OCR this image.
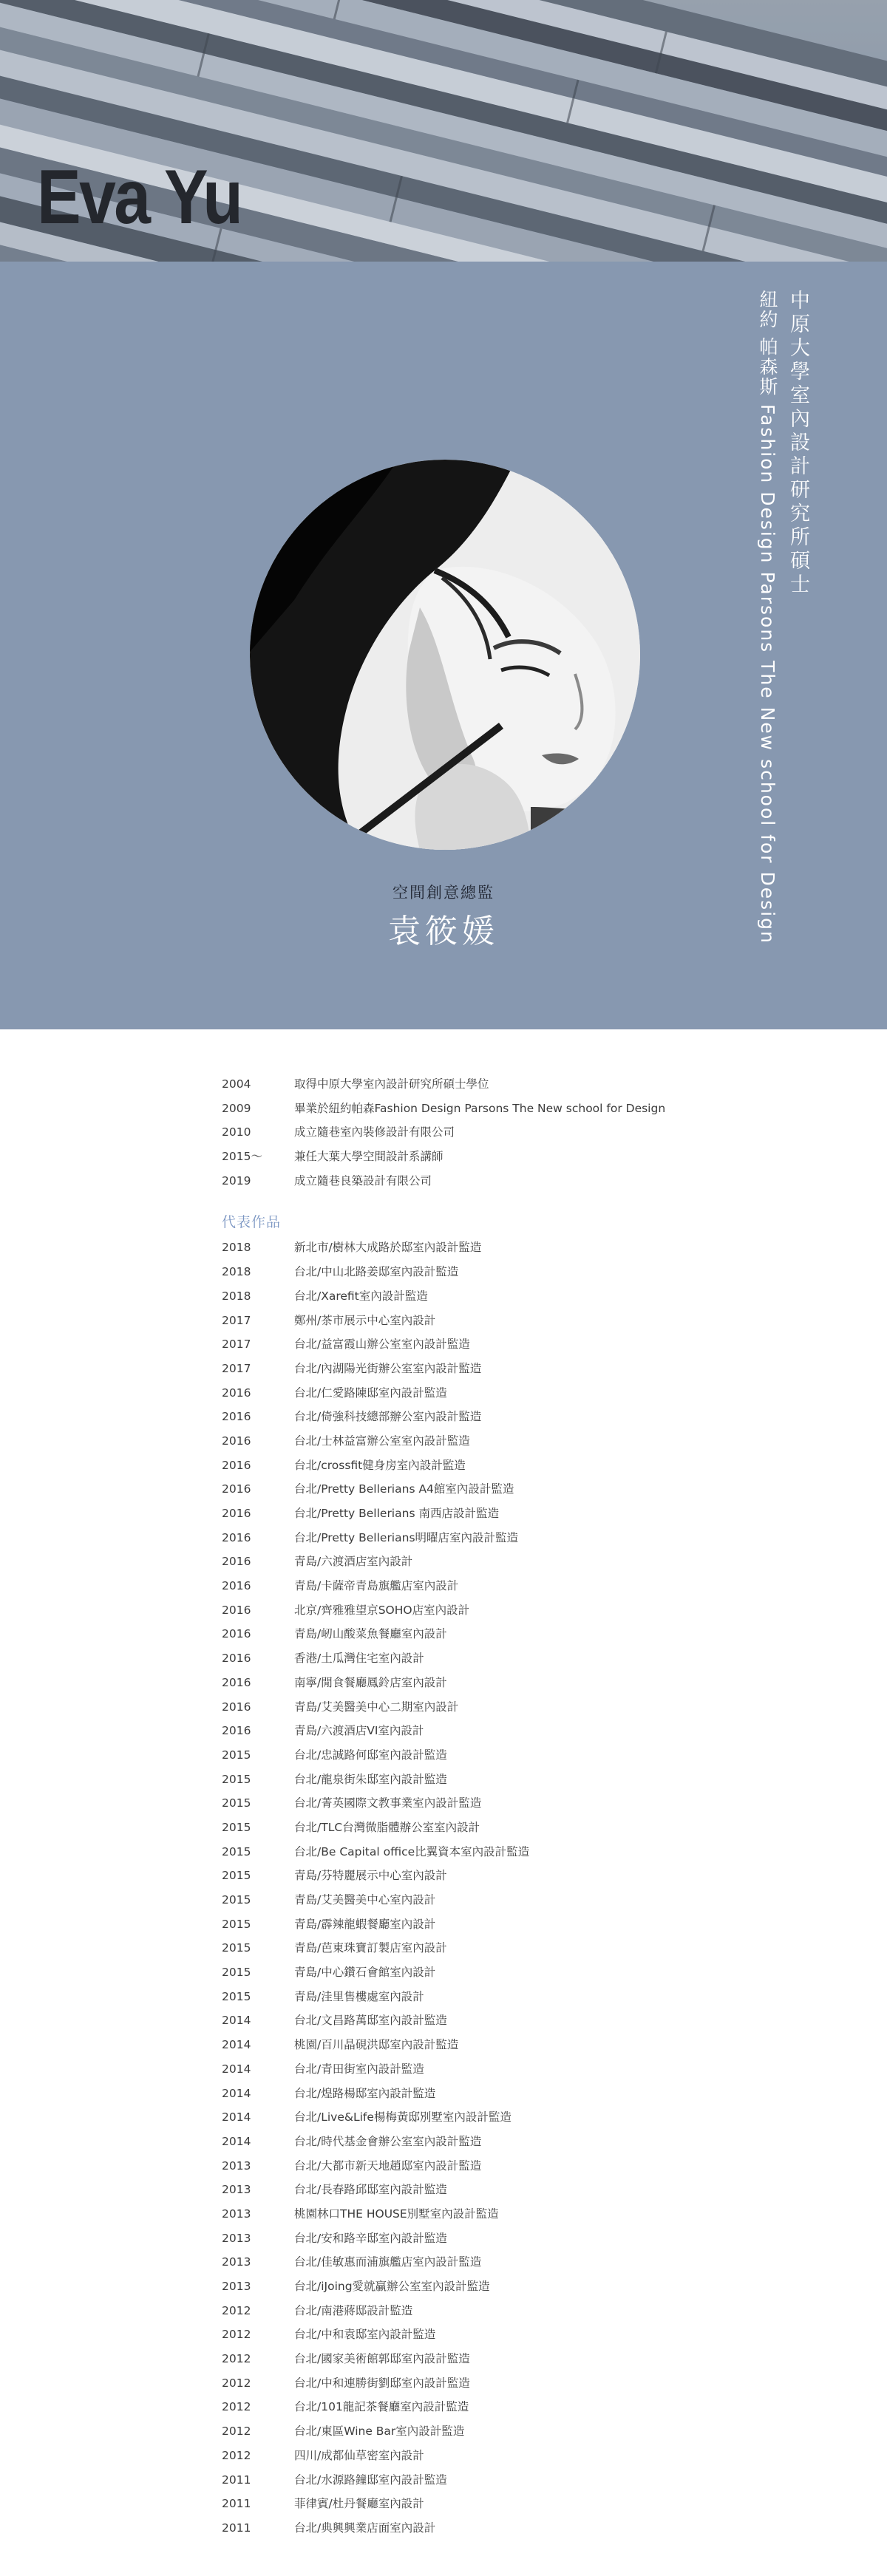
Eva Yu
中原大學室內設計研究所碩士
紐約 帕森斯 Fashion Design Parsons The New school for Design
空間創意總監
袁筱媛
2004	取得中原大學室內設計研究所碩士學位
2009	畢業於紐約帕森Fashion Design Parsons The New school for Design
2010	成立隨巷室內裝修設計有限公司
2015～	兼任大葉大學空間設計系講師
2019	成立隨巷良築設計有限公司
代表作品
2018	新北市/樹林大成路於邸室內設計監造
2018	台北/中山北路姜邸室內設計監造
2018	台北/Xarefit室內設計監造
2017	鄭州/茶市展示中心室內設計
2017	台北/益富霞山辦公室室內設計監造
2017	台北/內湖陽光街辦公室室內設計監造
2016	台北/仁愛路陳邸室內設計監造
2016	台北/倚強科技總部辦公室內設計監造
2016	台北/士林益富辦公室室內設計監造
2016	台北/crossfit健身房室內設計監造
2016	台北/Pretty Bellerians A4館室內設計監造
2016	台北/Pretty Bellerians 南西店設計監造
2016	台北/Pretty Bellerians明曜店室內設計監造
2016	青島/六渡酒店室內設計
2016	青島/卡薩帝青島旗艦店室內設計
2016	北京/齊雅雅望京SOHO店室內設計
2016	青島/屻山酸菜魚餐廳室內設計
2016	香港/土瓜灣住宅室內設計
2016	南寧/閒食餐廳鳳鈴店室內設計
2016	青島/艾美醫美中心二期室內設計
2016	青島/六渡酒店VI室內設計
2015	台北/忠誠路何邸室內設計監造
2015	台北/龍泉街朱邸室內設計監造
2015	台北/菁英國際文教事業室內設計監造
2015	台北/TLC台灣微脂體辦公室室內設計
2015	台北/Be Capital office比翼資本室內設計監造
2015	青島/芬特麗展示中心室內設計
2015	青島/艾美醫美中心室內設計
2015	青島/霹辣龍蝦餐廳室內設計
2015	青島/芭東珠寶訂製店室內設計
2015	青島/中心鑽石會館室內設計
2015	青島/洼里售樓處室內設計
2014	台北/文昌路萬邸室內設計監造
2014	桃園/百川晶硯洪邸室內設計監造
2014	台北/青田街室內設計監造
2014	台北/煌路楊邸室內設計監造
2014	台北/Live&Life楊梅黃邸別墅室內設計監造
2014	台北/時代基金會辦公室室內設計監造
2013	台北/大都市新天地趙邸室內設計監造
2013	台北/長春路邱邸室內設計監造
2013	桃園林口THE HOUSE別墅室內設計監造
2013	台北/安和路辛邸室內設計監造
2013	台北/佳敏惠而浦旗艦店室內設計監造
2013	台北/iJoing愛就贏辦公室室內設計監造
2012	台北/南港蔣邸設計監造
2012	台北/中和袁邸室內設計監造
2012	台北/國家美術館郭邸室內設計監造
2012	台北/中和連勝街劉邸室內設計監造
2012	台北/101龍記茶餐廳室內設計監造
2012	台北/東區Wine Bar室內設計監造
2012	四川/成都仙草密室內設計
2011	台北/水源路鐘邸室內設計監造
2011	菲律賓/杜丹餐廳室內設計
2011	台北/典興興業店面室內設計
